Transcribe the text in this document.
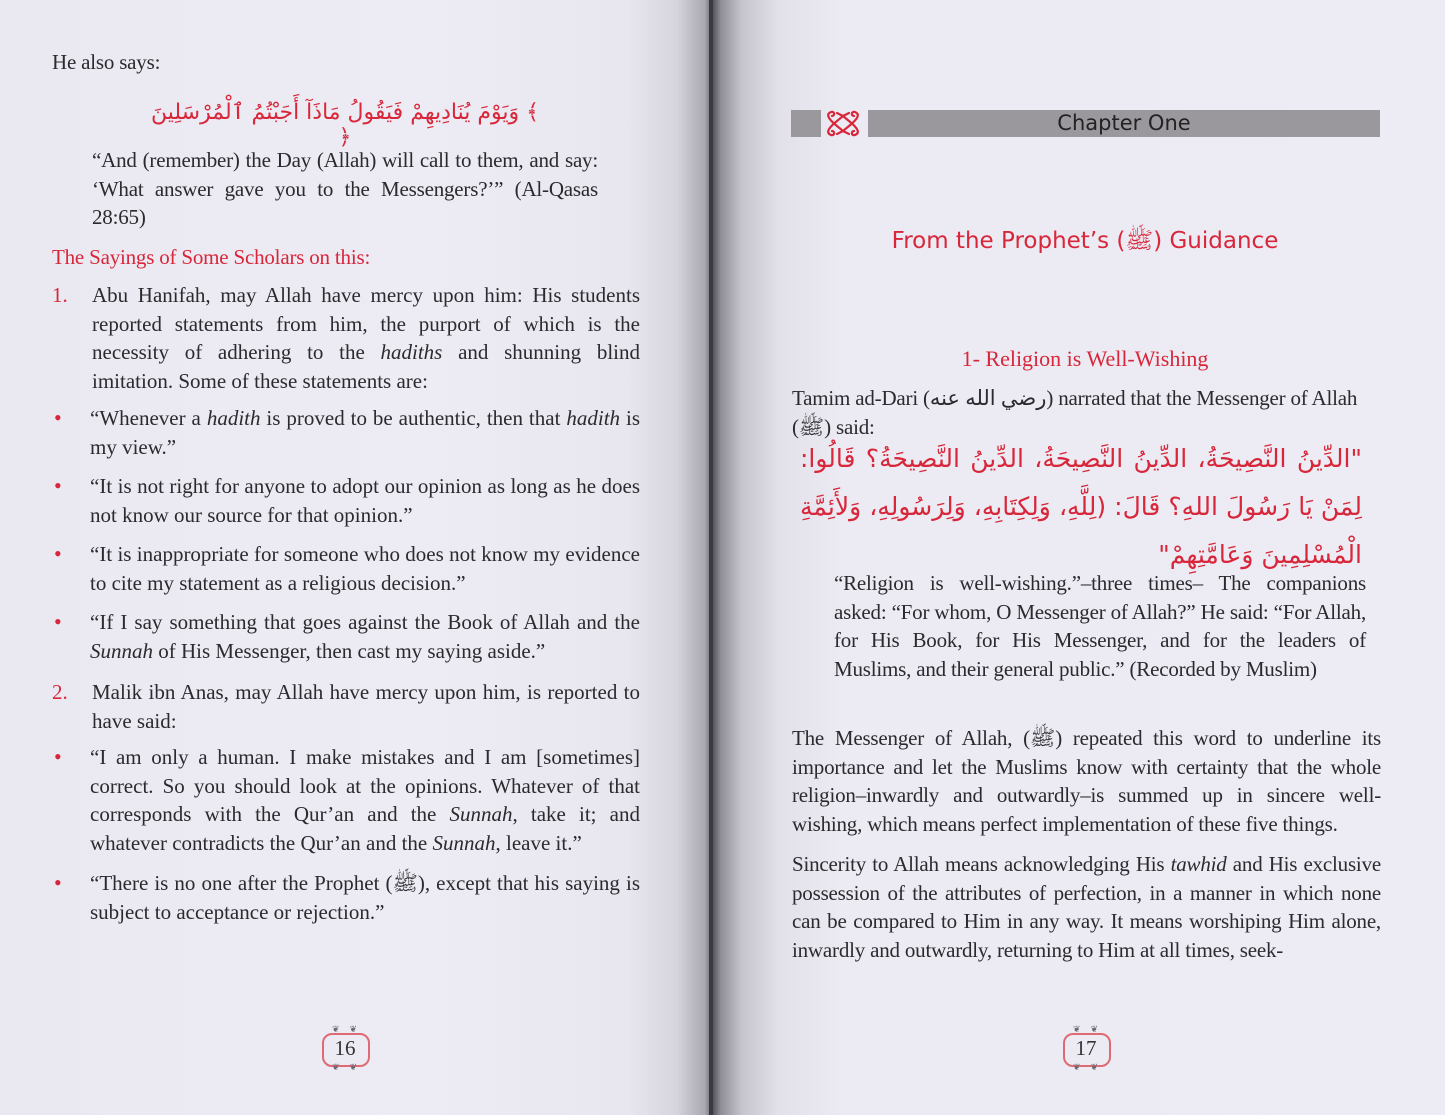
He also says:
﴾ وَيَوْمَ يُنَادِيهِمْ فَيَقُولُ مَاذَآ أَجَبْتُمُ ٱلْمُرْسَلِينَ ﴿
“And (remember) the Day (Allah) will call to them, and say: ‘What answer gave you to the Messengers?’” (Al-Qasas 28:65)
The Sayings of Some Scholars on this:
1. Abu Hanifah, may Allah have mercy upon him: His students reported statements from him, the purport of which is the necessity of adhering to the hadiths and shunning blind imitation. Some of these statements are:
• “Whenever a hadith is proved to be authentic, then that hadith is my view.”
• “It is not right for anyone to adopt our opinion as long as he does not know our source for that opinion.”
• “It is inappropriate for someone who does not know my evidence to cite my statement as a religious decision.”
• “If I say something that goes against the Book of Allah and the Sunnah of His Messenger, then cast my saying aside.”
2. Malik ibn Anas, may Allah have mercy upon him, is reported to have said:
• “I am only a human. I make mistakes and I am [sometimes] correct. So you should look at the opinions. Whatever of that corresponds with the Qur’an and the Sunnah, take it; and whatever contradicts the Qur’an and the Sunnah, leave it.”
• “There is no one after the Prophet (ﷺ), except that his saying is subject to acceptance or rejection.”
❦❦
16
❦❦
Chapter One
From the Prophet’s (ﷺ) Guidance
1- Religion is Well-Wishing
Tamim ad-Dari (رضي الله عنه) narrated that the Messenger of Allah (ﷺ) said:
"الدِّينُ النَّصِيحَةُ، الدِّينُ النَّصِيحَةُ، الدِّينُ النَّصِيحَةُ؟ قَالُوا: لِمَنْ يَا رَسُولَ اللهِ؟ قَالَ: (لِلَّهِ، وَلِكِتَابِهِ، وَلِرَسُولِهِ، وَلأَئِمَّةِ الْمُسْلِمِينَ وَعَامَّتِهِمْ"
“Religion is well-wishing.”–three times– The companions asked: “For whom, O Messenger of Allah?” He said: “For Allah, for His Book, for His Messenger, and for the leaders of Muslims, and their general public.” (Recorded by Muslim)
The Messenger of Allah, (ﷺ) repeated this word to underline its importance and let the Muslims know with certainty that the whole religion–inwardly and outwardly–is summed up in sincere well-wishing, which means perfect implementation of these five things.
Sincerity to Allah means acknowledging His tawhid and His exclusive possession of the attributes of perfection, in a manner in which none can be compared to Him in any way. It means worshiping Him alone, inwardly and outwardly, returning to Him at all times, seek-
❦❦
17
❦❦
